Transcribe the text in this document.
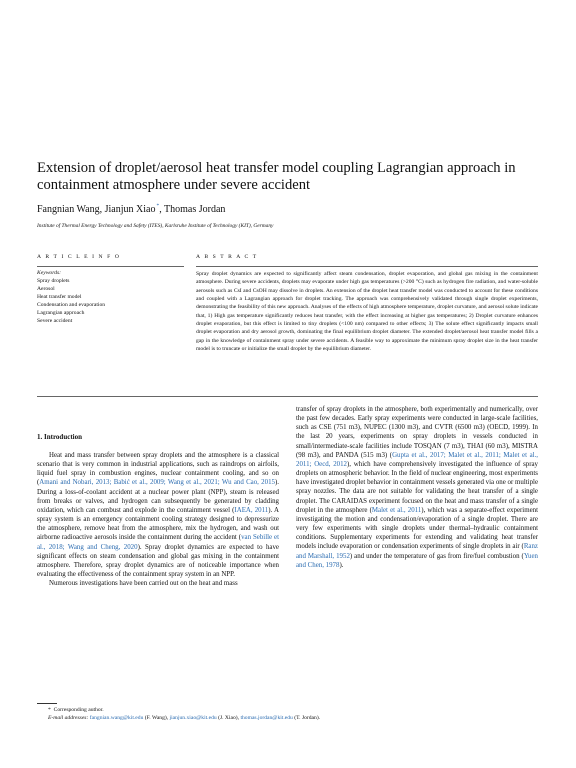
Extension of droplet/aerosol heat transfer model coupling Lagrangian approach in containment atmosphere under severe accident
Fangnian Wang, Jianjun Xiao*, Thomas Jordan
Institute of Thermal Energy Technology and Safety (ITES), Karlsruhe Institute of Technology (KIT), Germany
A R T I C L E I N F O
Keywords:
Spray droplets
Aerosol
Heat transfer model
Condensation and evaporation
Lagrangian approach
Severe accident
A B S T R A C T
Spray droplet dynamics are expected to significantly affect steam condensation, droplet evaporation, and global gas mixing in the containment atmosphere. During severe accidents, droplets may evaporate under high gas temperatures (>200 °C) such as hydrogen fire radiation, and water-soluble aerosols such as CsI and CsOH may dissolve in droplets. An extension of the droplet heat transfer model was conducted to account for these conditions and coupled with a Lagrangian approach for droplet tracking. The approach was comprehensively validated through single droplet experiments, demonstrating the feasibility of this new approach. Analyses of the effects of high atmosphere temperature, droplet curvature, and aerosol solute indicate that, 1) High gas temperature significantly reduces heat transfer, with the effect increasing at higher gas temperatures; 2) Droplet curvature enhances droplet evaporation, but this effect is limited to tiny droplets (<100 nm) compared to other effects; 3) The solute effect significantly impacts small droplet evaporation and dry aerosol growth, dominating the final equilibrium droplet diameter. The extended droplet/aerosol heat transfer model fills a gap in the knowledge of containment spray under severe accidents. A feasible way to approximate the minimum spray droplet size in the heat transfer model is to truncate or initialize the small droplet by the equilibrium diameter.
1. Introduction

Heat and mass transfer between spray droplets and the atmosphere is a classical scenario that is very common in industrial applications, such as raindrops on airfoils, liquid fuel spray in combustion engines, nuclear containment cooling, and so on (Amani and Nobari, 2013; Babić et al., 2009; Wang et al., 2021; Wu and Cao, 2015). During a loss-of-coolant accident at a nuclear power plant (NPP), steam is released from breaks or valves, and hydrogen can subsequently be generated by cladding oxidation, which can combust and explode in the containment vessel (IAEA, 2011). A spray system is an emergency containment cooling strategy designed to depressurize the atmosphere, remove heat from the atmosphere, mix the hydrogen, and wash out airborne radioactive aerosols inside the containment during the accident (van Sebille et al., 2018; Wang and Cheng, 2020). Spray droplet dynamics are expected to have significant effects on steam condensation and global gas mixing in the containment atmosphere. Therefore, spray droplet dynamics are of noticeable importance when evaluating the effectiveness of the containment spray system in an NPP.

Numerous investigations have been carried out on the heat and mass

transfer of spray droplets in the atmosphere, both experimentally and numerically, over the past few decades. Early spray experiments were conducted in large-scale facilities, such as CSE (751 m3), NUPEC (1300 m3), and CVTR (6500 m3) (OECD, 1999). In the last 20 years, experiments on spray droplets in vessels conducted in small/intermediate-scale facilities include TOSQAN (7 m3), THAI (60 m3), MISTRA (98 m3), and PANDA (515 m3) (Gupta et al., 2017; Malet et al., 2011; Malet et al., 2011; Oecd, 2012), which have comprehensively investigated the influence of spray droplets on atmospheric behavior. In the field of nuclear engineering, most experiments have investigated droplet behavior in containment vessels generated via one or multiple spray nozzles. The data are not suitable for validating the heat transfer of a single droplet. The CARAIDAS experiment focused on the heat and mass transfer of a single droplet in the atmosphere (Malet et al., 2011), which was a separate-effect experiment investigating the motion and condensation/evaporation of a single droplet. There are very few experiments with single droplets under thermal–hydraulic containment conditions. Supplementary experiments for extending and validating heat transfer models include evaporation or condensation experiments of single droplets in air (Ranz and Marshall, 1952) and under the temperature of gas from fire/fuel combustion (Yuen and Chen, 1978).

* Corresponding author.
E-mail addresses: fangnian.wang@kit.edu (F. Wang), jianjun.xiao@kit.edu (J. Xiao), thomas.jordan@kit.edu (T. Jordan).
